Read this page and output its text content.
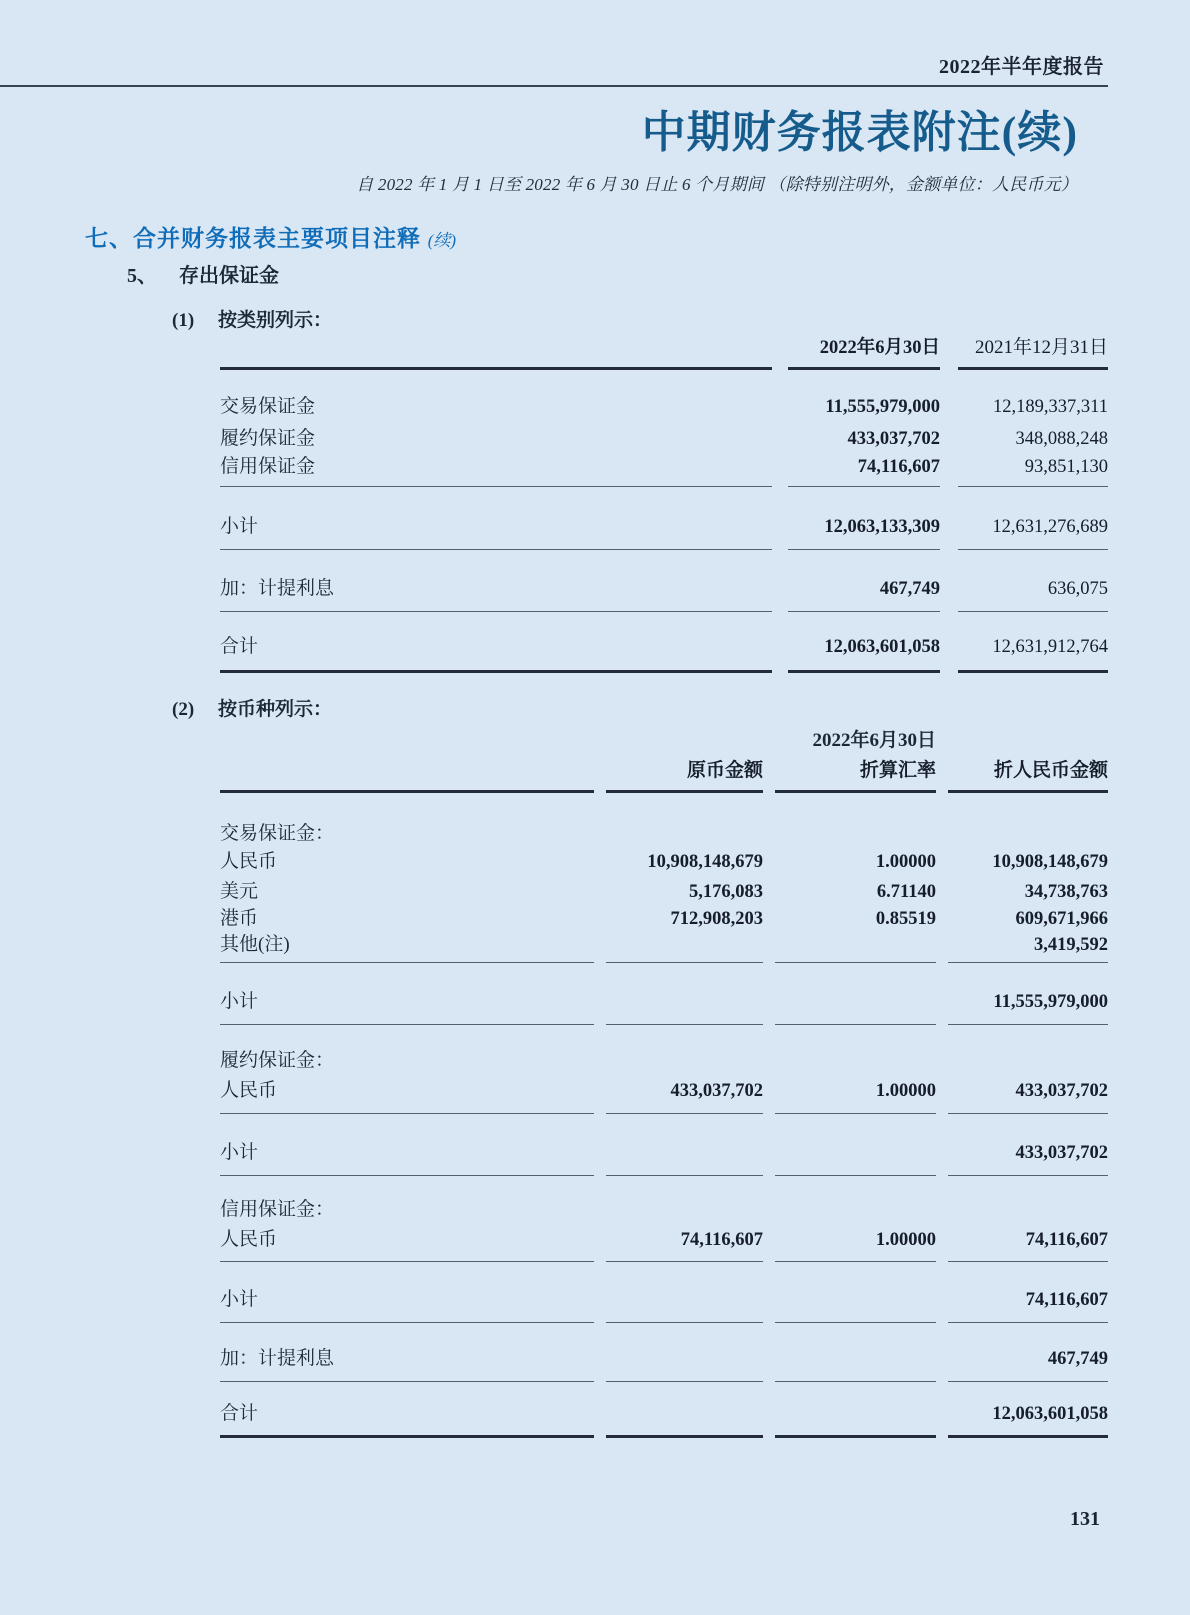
2022年半年度报告
中期财务报表附注(续)
自 2022 年 1 月 1 日至 2022 年 6 月 30 日止 6 个月期间 （除特别注明外，金额单位：人民币元）
七、合并财务报表主要项目注释 (续)
5、 存出保证金
(1) 按类别列示：
		2022年6月30日		2021年12月31日
交易保证金		11,555,979,000		12,189,337,311
履约保证金		433,037,702		348,088,248
信用保证金		74,116,607		93,851,130
小计		12,063,133,309		12,631,276,689
加：计提利息		467,749		636,075
合计		12,063,601,058		12,631,912,764
(2) 按币种列示：
		2022年6月30日				
		原币金额		折算汇率		折人民币金额
交易保证金：						
人民币		10,908,148,679		1.00000		10,908,148,679
美元		5,176,083		6.71140		34,738,763
港币		712,908,203		0.85519		609,671,966
其他(注)						3,419,592
小计						11,555,979,000
履约保证金：						
人民币		433,037,702		1.00000		433,037,702
小计						433,037,702
信用保证金：						
人民币		74,116,607		1.00000		74,116,607
小计						74,116,607
加：计提利息						467,749
合计						12,063,601,058
131
